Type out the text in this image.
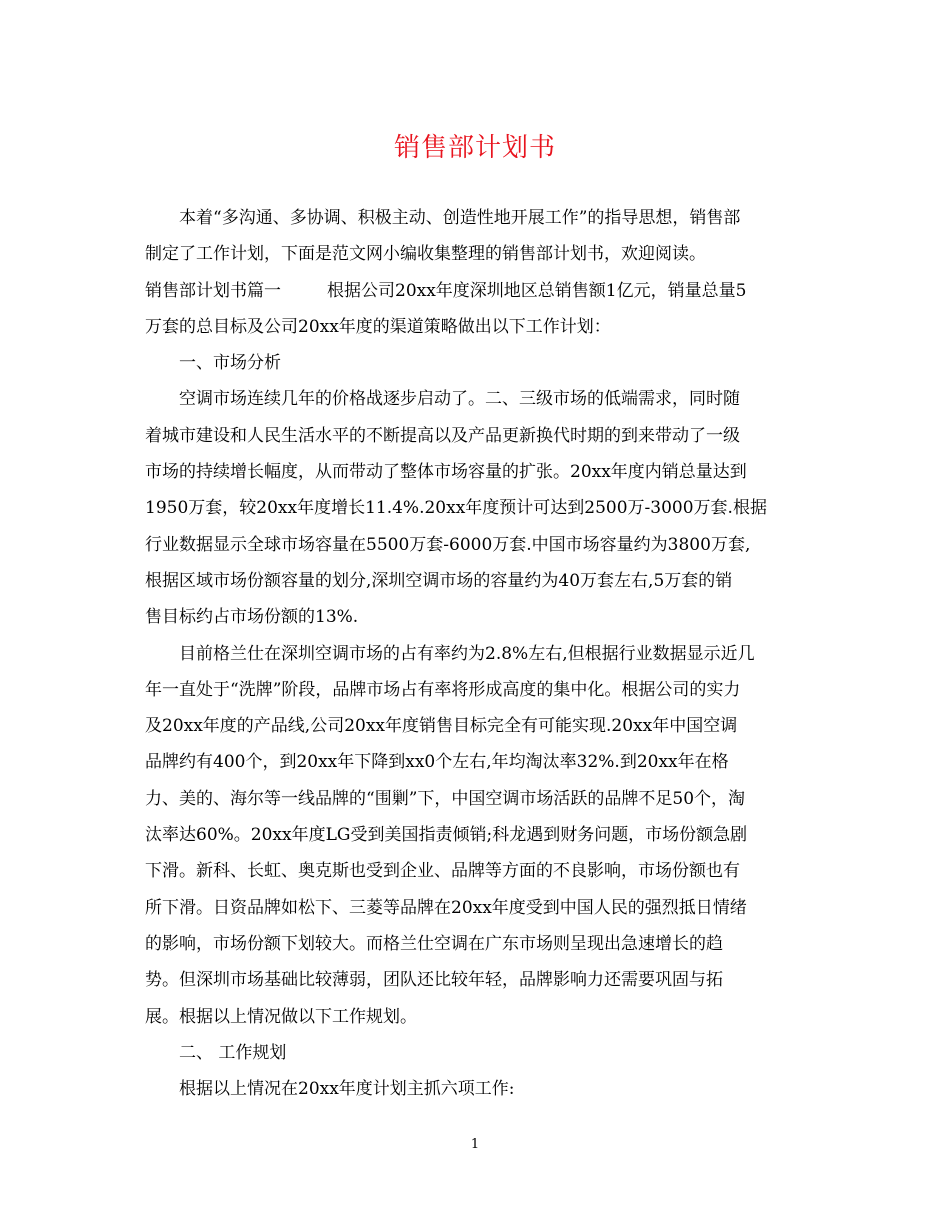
销售部计划书
本着“多沟通、多协调、积极主动、创造性地开展工作”的指导思想，销售部
制定了工作计划，下面是范文网小编收集整理的销售部计划书，欢迎阅读。
销售部计划书篇一	根据公司20xx年度深圳地区总销售额1亿元，销量总量5
万套的总目标及公司20xx年度的渠道策略做出以下工作计划：
一、市场分析
空调市场连续几年的价格战逐步启动了。二、三级市场的低端需求，同时随
着城市建设和人民生活水平的不断提高以及产品更新换代时期的到来带动了一级
市场的持续增长幅度，从而带动了整体市场容量的扩张。20xx年度内销总量达到
1950万套，较20xx年度增长11.4%.20xx年度预计可达到2500万-3000万套.根据
行业数据显示全球市场容量在5500万套-6000万套.中国市场容量约为3800万套,
根据区域市场份额容量的划分,深圳空调市场的容量约为40万套左右,5万套的销
售目标约占市场份额的13%.
目前格兰仕在深圳空调市场的占有率约为2.8%左右,但根据行业数据显示近几
年一直处于“洗牌”阶段，品牌市场占有率将形成高度的集中化。根据公司的实力
及20xx年度的产品线,公司20xx年度销售目标完全有可能实现.20xx年中国空调
品牌约有400个，到20xx年下降到xx0个左右,年均淘汰率32%.到20xx年在格
力、美的、海尔等一线品牌的“围剿”下，中国空调市场活跃的品牌不足50个，淘
汰率达60%。20xx年度LG受到美国指责倾销;科龙遇到财务问题，市场份额急剧
下滑。新科、长虹、奥克斯也受到企业、品牌等方面的不良影响，市场份额也有
所下滑。日资品牌如松下、三菱等品牌在20xx年度受到中国人民的强烈抵日情绪
的影响，市场份额下划较大。而格兰仕空调在广东市场则呈现出急速增长的趋
势。但深圳市场基础比较薄弱，团队还比较年轻，品牌影响力还需要巩固与拓
展。根据以上情况做以下工作规划。
二、 工作规划
根据以上情况在20xx年度计划主抓六项工作:
1
